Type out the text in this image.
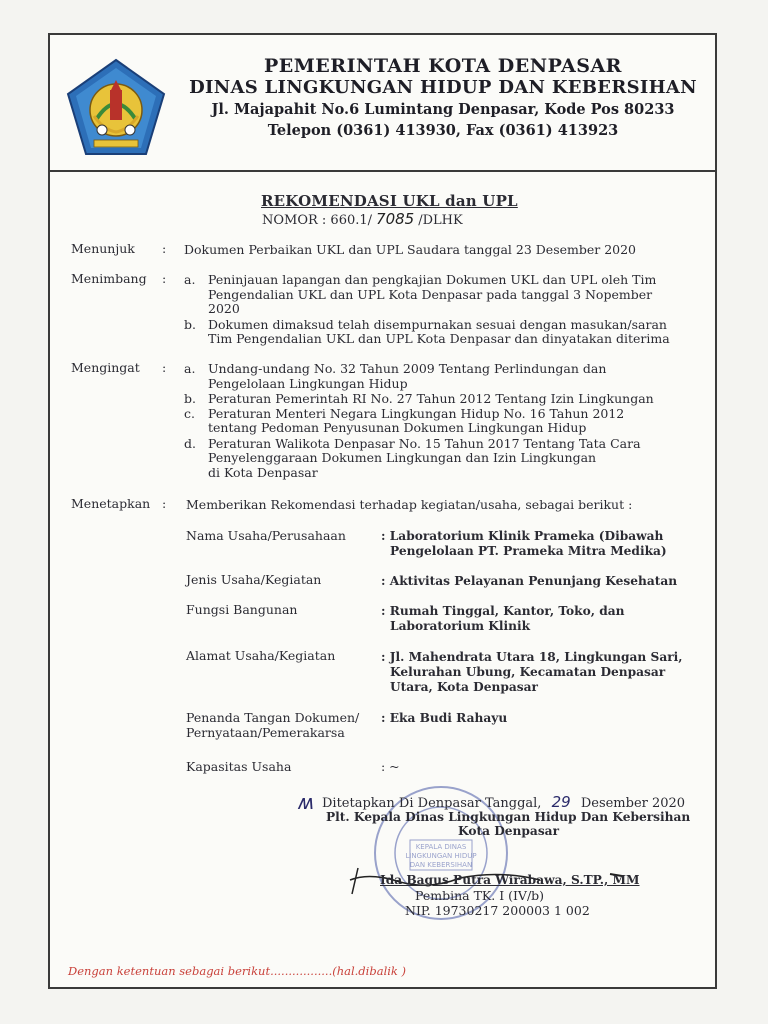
PEMERINTAH KOTA DENPASAR
DINAS LINGKUNGAN HIDUP DAN KEBERSIHAN
Jl. Majapahit No.6 Lumintang Denpasar, Kode Pos 80233
Telepon (0361) 413930, Fax (0361) 413923
REKOMENDASI UKL dan UPL
NOMOR : 660.1/ 7085 /DLHK
Menunjuk : Dokumen Perbaikan UKL dan UPL Saudara tanggal 23 Desember 2020
Menimbang : a. Peninjauan lapangan dan pengkajian Dokumen UKL dan UPL oleh Tim
Pengendalian UKL dan UPL Kota Denpasar pada tanggal 3 Nopember
2020
b. Dokumen dimaksud telah disempurnakan sesuai dengan masukan/saran
Tim Pengendalian UKL dan UPL Kota Denpasar dan dinyatakan diterima
Mengingat : a. Undang-undang No. 32 Tahun 2009 Tentang Perlindungan dan
Pengelolaan Lingkungan Hidup
b. Peraturan Pemerintah RI No. 27 Tahun 2012 Tentang Izin Lingkungan
c. Peraturan Menteri Negara Lingkungan Hidup No. 16 Tahun 2012
tentang Pedoman Penyusunan Dokumen Lingkungan Hidup
d. Peraturan Walikota Denpasar No. 15 Tahun 2017 Tentang Tata Cara
Penyelenggaraan Dokumen Lingkungan dan Izin Lingkungan
di Kota Denpasar
Menetapkan : Memberikan Rekomendasi terhadap kegiatan/usaha, sebagai berikut :
Nama Usaha/Perusahaan	: Laboratorium Klinik Prameka (Dibawah
Pengelolaan PT. Prameka Mitra Medika)
Jenis Usaha/Kegiatan	: Aktivitas Pelayanan Penunjang Kesehatan
Fungsi Bangunan	: Rumah Tinggal, Kantor, Toko, dan
Laboratorium Klinik
Alamat Usaha/Kegiatan	: Jl. Mahendrata Utara 18, Lingkungan Sari,
Kelurahan Ubung, Kecamatan Denpasar
Utara, Kota Denpasar
Penanda Tangan Dokumen/
Pernyataan/Pemerakarsa
: Eka Budi Rahayu
Kapasitas Usaha	: ~
KEPALA DINAS
LINGKUNGAN HIDUP
DAN KEBERSIHAN
ʍ Ditetapkan Di Denpasar Tanggal, 29 Desember 2020
Plt. Kepala Dinas Lingkungan Hidup Dan Kebersihan
Kota Denpasar
Ida Bagus Putra Wirabawa, S.TP., MM
Pembina TK. I (IV/b)
NIP. 19730217 200003 1 002
Dengan ketentuan sebagai berikut.................(hal.dibalik )
